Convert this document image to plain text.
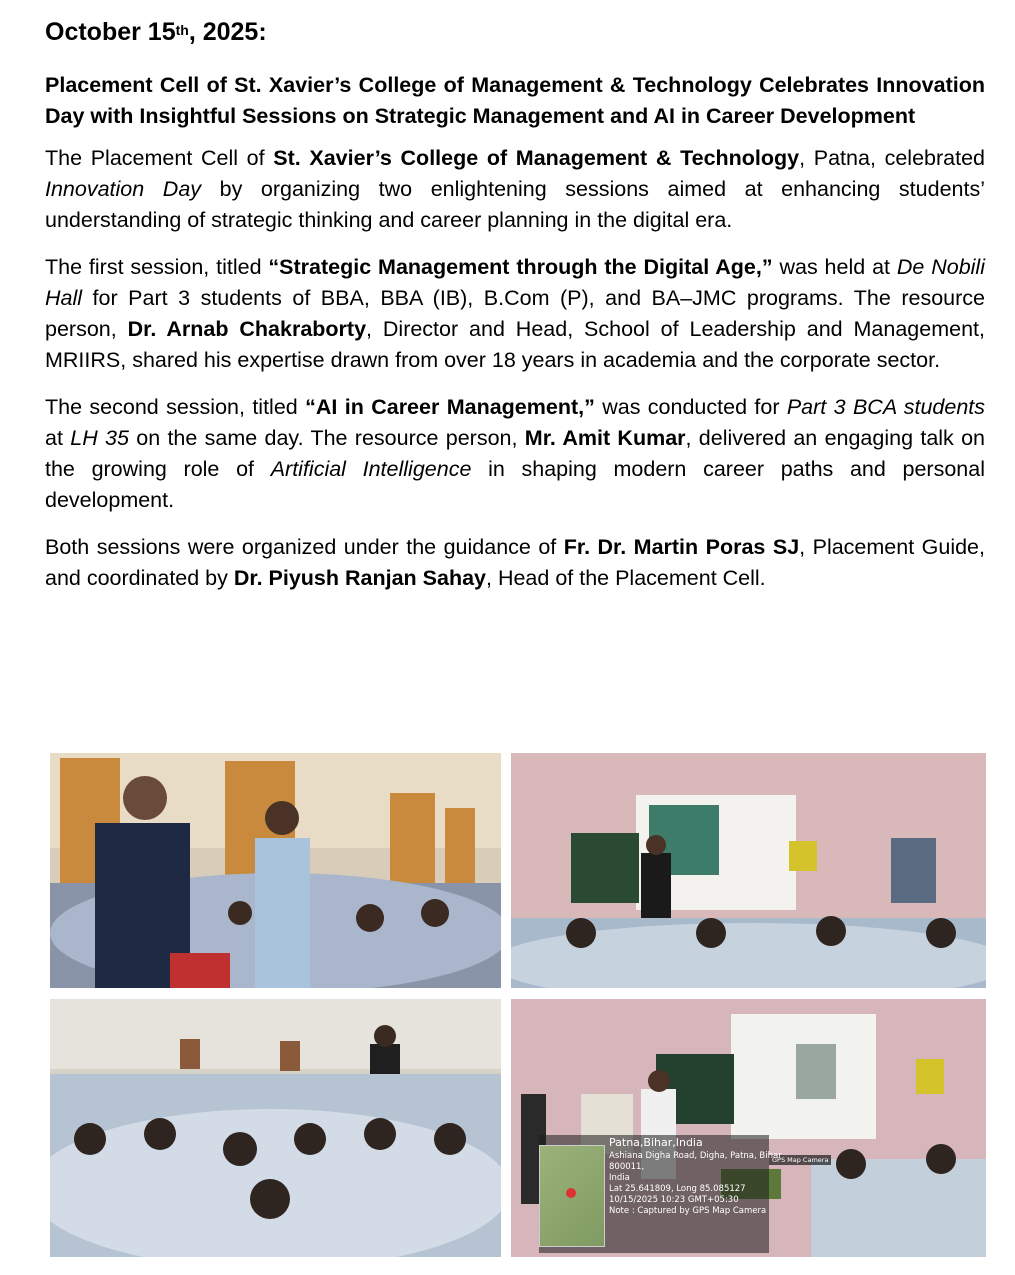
October 15th, 2025:
Placement Cell of St. Xavier’s College of Management & Technology Celebrates Innovation Day with Insightful Sessions on Strategic Management and AI in Career Development

The Placement Cell of St. Xavier’s College of Management & Technology, Patna, celebrated Innovation Day by organizing two enlightening sessions aimed at enhancing students’ understanding of strategic thinking and career planning in the digital era.

The first session, titled “Strategic Management through the Digital Age,” was held at De Nobili Hall for Part 3 students of BBA, BBA (IB), B.Com (P), and BA–JMC programs. The resource person, Dr. Arnab Chakraborty, Director and Head, School of Leadership and Management, MRIIRS, shared his expertise drawn from over 18 years in academia and the corporate sector.

The second session, titled “AI in Career Management,” was conducted for Part 3 BCA students at LH 35 on the same day. The resource person, Mr. Amit Kumar, delivered an engaging talk on the growing role of Artificial Intelligence in shaping modern career paths and personal development.

Both sessions were organized under the guidance of Fr. Dr. Martin Poras SJ, Placement Guide, and coordinated by Dr. Piyush Ranjan Sahay, Head of the Placement Cell.

GPS Map Camera
Patna,Bihar,India
Ashiana Digha Road, Digha, Patna, Bihar 800011,
India
Lat 25.641809, Long 85.085127
10/15/2025 10:23 GMT+05:30
Note : Captured by GPS Map Camera
